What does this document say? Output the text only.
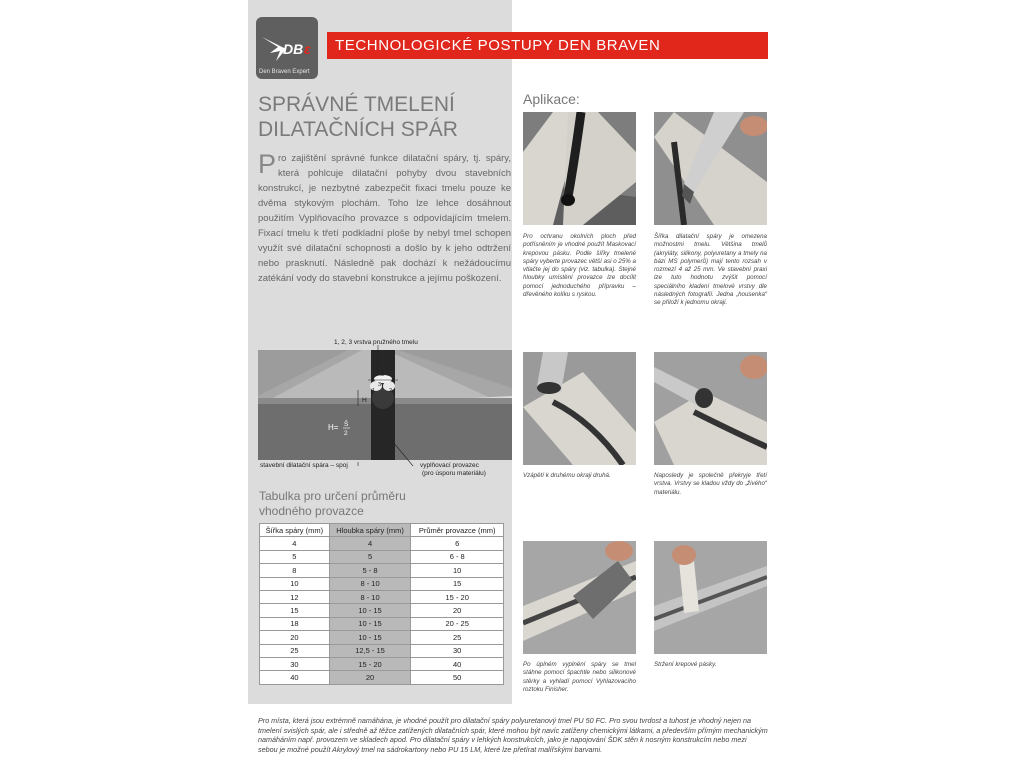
DB ε
Den Braven Expert
TECHNOLOGICKÉ POSTUPY DEN BRAVEN
SPRÁVNÉ TMELENÍ
DILATAČNÍCH SPÁR
Pro zajištění správné funkce dilatační spáry, tj. spáry, která pohlcuje dilatační pohyby dvou stavebních konstrukcí, je nezbytné zabezpečit fixaci tmelu pouze ke dvěma stykovým plochám. Toho lze lehce dosáhnout použitím Vyplňovacího provazce s odpovídajícím tmelem. Fixací tmelu k třetí podkladní ploše by nebyl tmel schopen využít své dilatační schopnosti a došlo by k jeho odtržení nebo prasknutí. Následně pak dochází k nežádoucímu zatékání vody do stavební konstrukce a jejímu poškození.
1, 2, 3 vrstva pružného tmelu
Š
H
3
1	2
H= Š
2
stavební dilatační spára – spoj	vyplňovací provazec
(pro úsporu materiálu)
Tabulka pro určení průměru
vhodného provazce
Šířka spáry (mm)	Hloubka spáry (mm)	Průměr provazce (mm)
4	4	6
5	5	6 - 8
8	5 - 8	10
10	8 - 10	15
12	8 - 10	15 - 20
15	10 - 15	20
18	10 - 15	20 - 25
20	10 - 15	25
25	12,5 - 15	30
30	15 - 20	40
40	20	50
Aplikace:

Pro ochranu okolních ploch před potřísněním je vhodné použít Maskovací krepovou pásku. Podle šířky tmelené spáry vyberte provazec větší asi o 25% a vtlačte jej do spáry (viz. tabulka). Stejné hloubky umístění provazce lze docílit pomocí jednoduchého přípravku – dřevěného kolíku s ryskou.

Šířka dilatační spáry je omezena možnostmi tmelu. Většina tmelů (akryláty, silikony, polyuretany a tmely na bázi MS polymerů) mají tento rozsah v rozmezí 4 až 25 mm. Ve stavební praxi lze tuto hodnotu zvýšit pomocí speciálního kladení tmelové vrstvy dle následných fotografií. Jedna „housenka“ se přiloží k jednomu okraji.

Vzápětí k druhému okraji druhá.	Naposledy je společně překryje třetí vrstva. Vrstvy se kladou vždy do „živého“ materiálu.

Po úplném vyplnění spáry se tmel stáhne pomocí špachtle nebo silikonové stěrky a vyhladí pomocí Vyhlazovacího roztoku Finisher.

Stržení krepové pásky.

Pro místa, která jsou extrémně namáhána, je vhodné použít pro dilatační spáry polyuretanový tmel PU 50 FC. Pro svou tvrdost a tuhost je vhodný nejen na tmelení svislých spár, ale i středně až těžce zatížených dilatačních spár, které mohou být navíc zatíženy chemickými látkami, a především přímým mechanickým namáháním např. provozem ve skladech apod. Pro dilatační spáry v lehkých konstrukcích, jako je napojování ŠDK stěn k nosným konstrukcím nebo mezi sebou je možné použít Akrylový tmel na sádrokartony nebo PU 15 LM, které lze přetírat malířskými barvami.
